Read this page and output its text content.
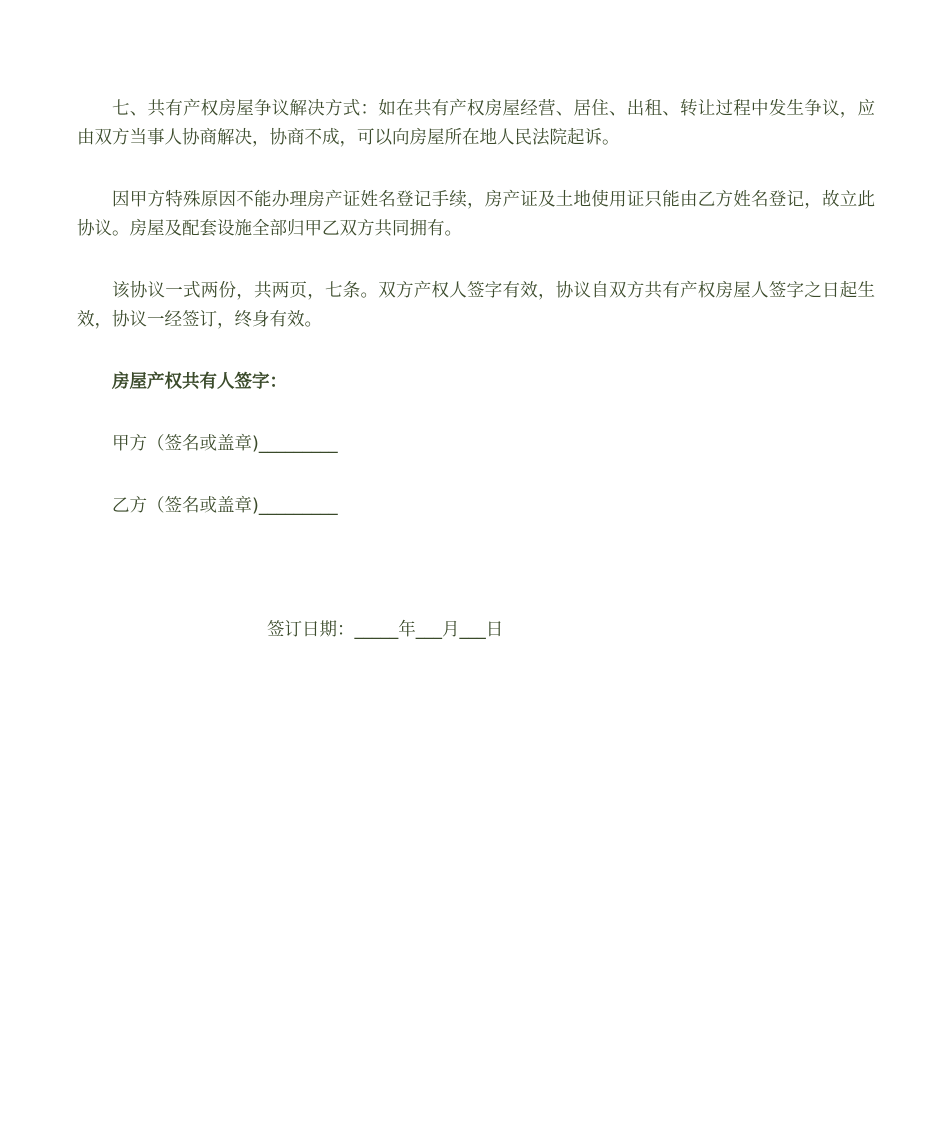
七、共有产权房屋争议解决方式：如在共有产权房屋经营、居住、出租、转让过程中发生争议，应由双方当事人协商解决，协商不成，可以向房屋所在地人民法院起诉。

因甲方特殊原因不能办理房产证姓名登记手续，房产证及土地使用证只能由乙方姓名登记，故立此协议。房屋及配套设施全部归甲乙双方共同拥有。

该协议一式两份，共两页，七条。双方产权人签字有效，协议自双方共有产权房屋人签字之日起生效，协议一经签订，终身有效。

房屋产权共有人签字：

甲方（签名或盖章)_________

乙方（签名或盖章)_________

签订日期：_____年___月___日
